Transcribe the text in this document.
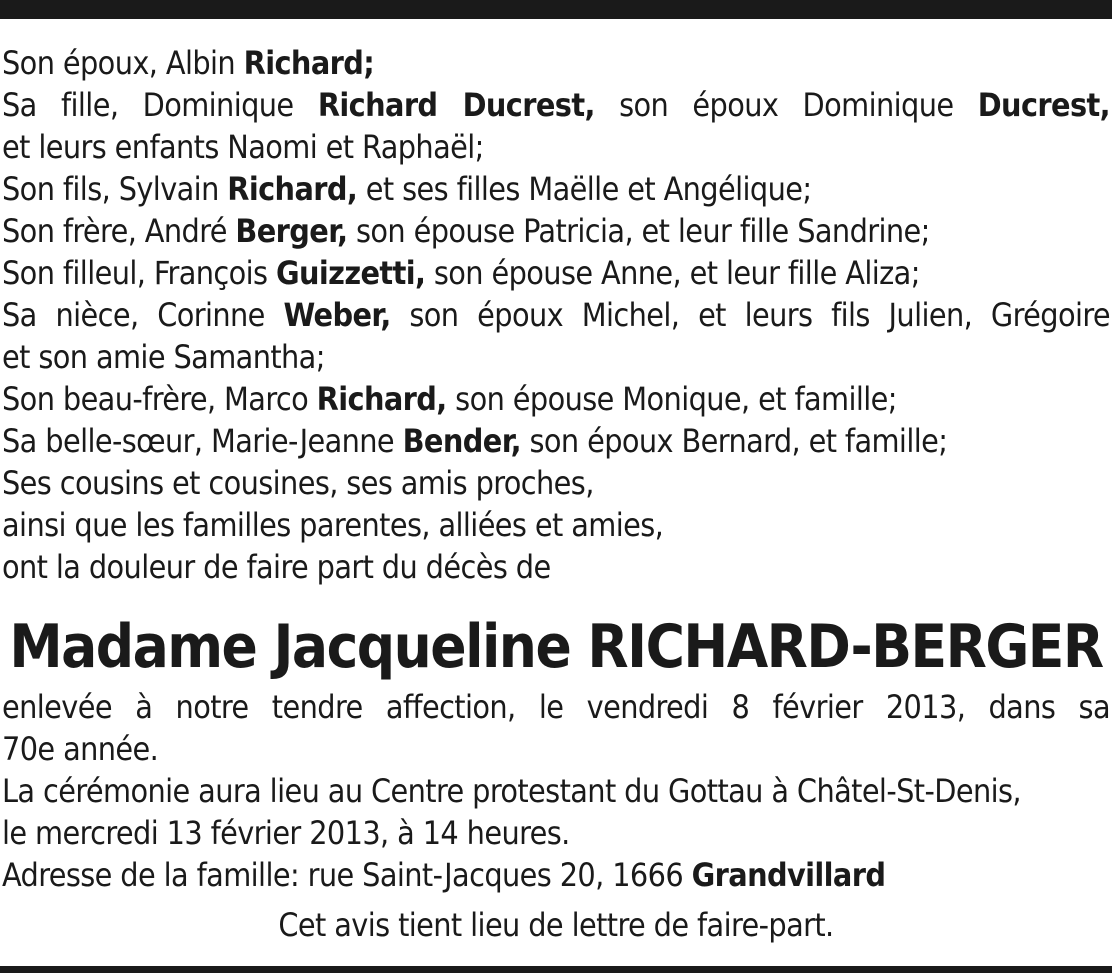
Son époux, Albin Richard;
Sa fille, Dominique Richard Ducrest, son époux Dominique Ducrest,
et leurs enfants Naomi et Raphaël;
Son fils, Sylvain Richard, et ses filles Maëlle et Angélique;
Son frère, André Berger, son épouse Patricia, et leur fille Sandrine;
Son filleul, François Guizzetti, son épouse Anne, et leur fille Aliza;
Sa nièce, Corinne Weber, son époux Michel, et leurs fils Julien, Grégoire
et son amie Samantha;
Son beau-frère, Marco Richard, son épouse Monique, et famille;
Sa belle-sœur, Marie-Jeanne Bender, son époux Bernard, et famille;
Ses cousins et cousines, ses amis proches,
ainsi que les familles parentes, alliées et amies,
ont la douleur de faire part du décès de
Madame Jacqueline RICHARD-BERGER
enlevée à notre tendre affection, le vendredi 8 février 2013, dans sa
70e année.
La cérémonie aura lieu au Centre protestant du Gottau à Châtel-St-Denis,
le mercredi 13 février 2013, à 14 heures.
Adresse de la famille: rue Saint-Jacques 20, 1666 Grandvillard
Cet avis tient lieu de lettre de faire-part.
